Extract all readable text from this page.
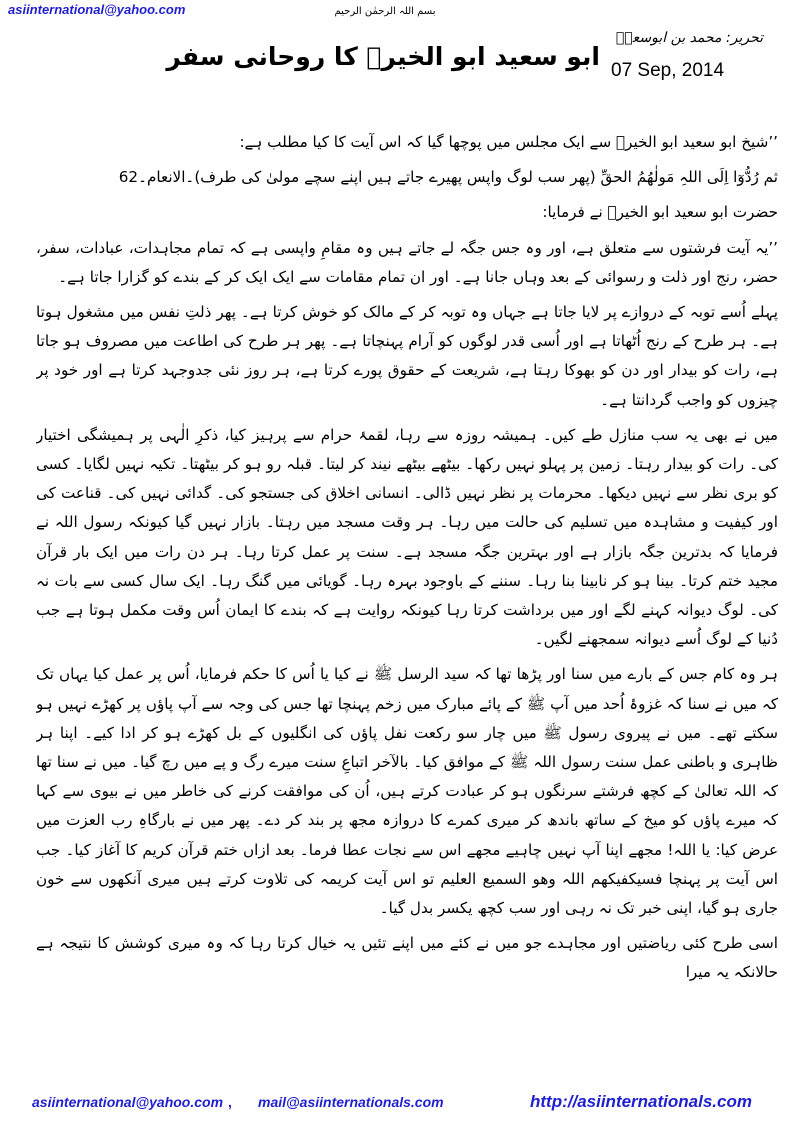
asiinternational@yahoo.com	بسم اللہ الرحمٰن الرحیم
تحریر: محمد بن ابوسعدؒ
07 Sep, 2014
ابو سعید ابو الخیرؒ کا روحانی سفر

’’شیخ ابو سعید ابو الخیرؒ سے ایک مجلس میں پوچھا گیا کہ اس آیت کا کیا مطلب ہے:

ثم رُدُّوٓا اِلَی اللہِ مَولٰھُمُ الحقِّ (پھر سب لوگ واپس پھیرے جاتے ہیں اپنے سچے مولیٰ کی طرف)۔الانعام۔62

حضرت ابو سعید ابو الخیرؒ نے فرمایا:

’’یہ آیت فرشتوں سے متعلق ہے، اور وہ جس جگہ لے جاتے ہیں وہ مقامِ واپسی ہے کہ تمام مجاہدات، عبادات، سفر، حضر، رنج اور ذلت و رسوائی کے بعد وہاں جانا ہے۔ اور ان تمام مقامات سے ایک ایک کر کے بندے کو گزارا جاتا ہے۔

پہلے اُسے توبہ کے دروازے پر لایا جاتا ہے جہاں وہ توبہ کر کے مالک کو خوش کرتا ہے۔ پھر ذلتِ نفس میں مشغول ہوتا ہے۔ ہر طرح کے رنج اُٹھاتا ہے اور اُسی قدر لوگوں کو آرام پہنچاتا ہے۔ پھر ہر طرح کی اطاعت میں مصروف ہو جاتا ہے، رات کو بیدار اور دن کو بھوکا رہتا ہے، شریعت کے حقوق پورے کرتا ہے، ہر روز نئی جدوجہد کرتا ہے اور خود پر چیزوں کو واجب گردانتا ہے۔

میں نے بھی یہ سب منازل طے کیں۔ ہمیشہ روزہ سے رہا، لقمۂ حرام سے پرہیز کیا، ذکرِ الٰہی پر ہمیشگی اختیار کی۔ رات کو بیدار رہتا۔ زمین پر پہلو نہیں رکھا۔ بیٹھے بیٹھے نیند کر لیتا۔ قبلہ رو ہو کر بیٹھتا۔ تکیہ نہیں لگایا۔ کسی کو بری نظر سے نہیں دیکھا۔ محرمات پر نظر نہیں ڈالی۔ انسانی اخلاق کی جستجو کی۔ گدائی نہیں کی۔ قناعت کی اور کیفیت و مشاہدہ میں تسلیم کی حالت میں رہا۔ ہر وقت مسجد میں رہتا۔ بازار نہیں گیا کیونکہ رسول اللہ نے فرمایا کہ بدترین جگہ بازار ہے اور بہترین جگہ مسجد ہے۔ سنت پر عمل کرتا رہا۔ ہر دن رات میں ایک بار قرآن مجید ختم کرتا۔ بینا ہو کر نابینا بنا رہا۔ سننے کے باوجود بہرہ رہا۔ گویائی میں گنگ رہا۔ ایک سال کسی سے بات نہ کی۔ لوگ دیوانہ کہنے لگے اور میں برداشت کرتا رہا کیونکہ روایت ہے کہ بندے کا ایمان اُس وقت مکمل ہوتا ہے جب دُنیا کے لوگ اُسے دیوانہ سمجھنے لگیں۔

ہر وہ کام جس کے بارے میں سنا اور پڑھا تھا کہ سید الرسل ﷺ نے کیا یا اُس کا حکم فرمایا، اُس پر عمل کیا یہاں تک کہ میں نے سنا کہ غزوۂ اُحد میں آپ ﷺ کے پائے مبارک میں زخم پہنچا تھا جس کی وجہ سے آپ پاؤں پر کھڑے نہیں ہو سکتے تھے۔ میں نے پیروی رسول ﷺ میں چار سو رکعت نفل پاؤں کی انگلیوں کے بل کھڑے ہو کر ادا کیے۔ اپنا ہر ظاہری و باطنی عمل سنت رسول اللہ ﷺ کے موافق کیا۔ بالآخر اتباعِ سنت میرے رگ و پے میں رچ گیا۔ میں نے سنا تھا کہ اللہ تعالیٰ کے کچھ فرشتے سرنگوں ہو کر عبادت کرتے ہیں، اُن کی موافقت کرنے کی خاطر میں نے بیوی سے کہا کہ میرے پاؤں کو میخ کے ساتھ باندھ کر میری کمرے کا دروازہ مجھ پر بند کر دے۔ پھر میں نے بارگاہِ رب العزت میں عرض کیا: یا اللہ! مجھے اپنا آپ نہیں چاہیے مجھے اس سے نجات عطا فرما۔ بعد ازاں ختم قرآن کریم کا آغاز کیا۔ جب اس آیت پر پہنچا فسیکفیکھم اللہ وھو السمیع العلیم تو اس آیت کریمہ کی تلاوت کرتے ہیں میری آنکھوں سے خون جاری ہو گیا، اپنی خبر تک نہ رہی اور سب کچھ یکسر بدل گیا۔

اسی طرح کئی ریاضتیں اور مجاہدے جو میں نے کئے میں اپنے تئیں یہ خیال کرتا رہا کہ وہ میری کوشش کا نتیجہ ہے حالانکہ یہ میرا

asiinternational@yahoo.com , mail@asiinternationals.com	http://asiinternationals.com
